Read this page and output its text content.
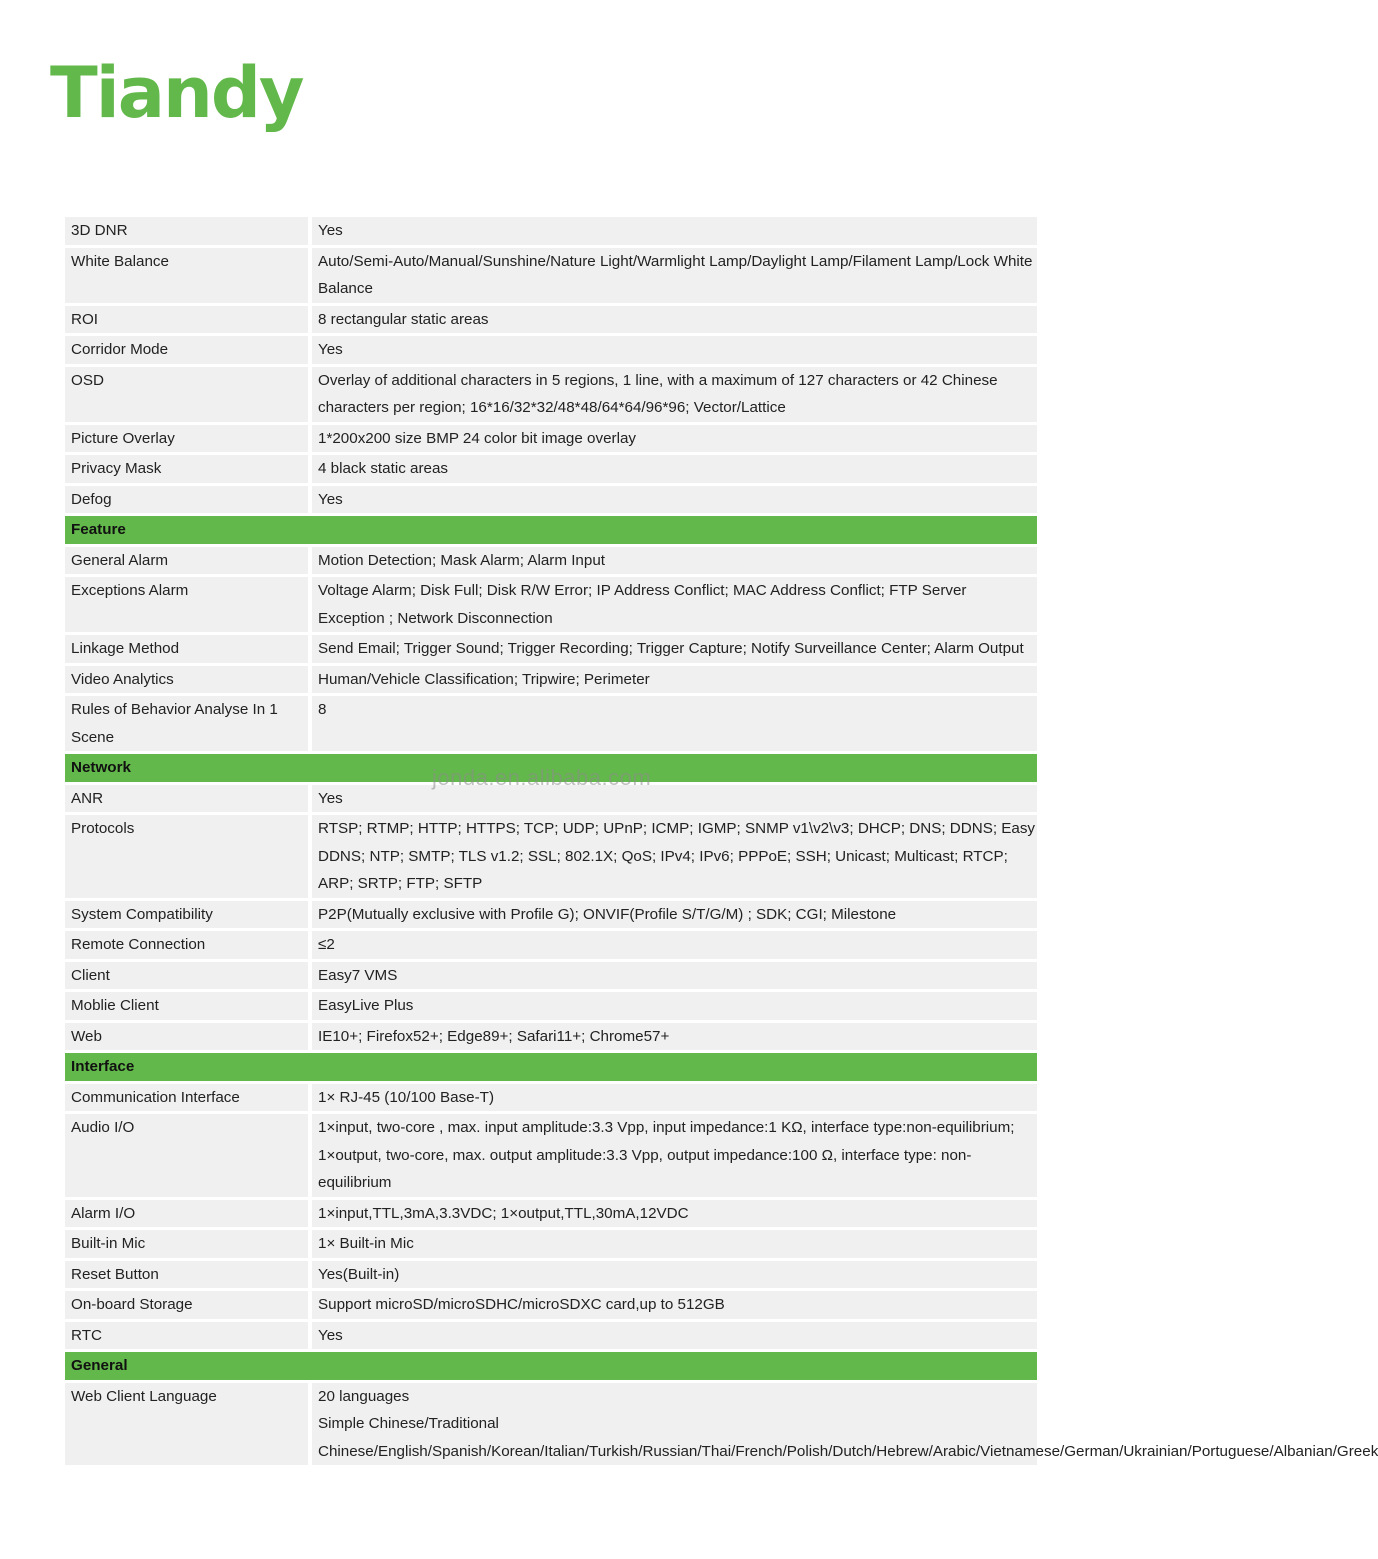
Tiandy
3D DNR	Yes
White Balance	Auto/Semi-Auto/Manual/Sunshine/Nature Light/Warmlight Lamp/Daylight Lamp/Filament Lamp/Lock White Balance
ROI	8 rectangular static areas
Corridor Mode	Yes
OSD	Overlay of additional characters in 5 regions, 1 line, with a maximum of 127 characters or 42 Chinese characters per region; 16*16/32*32/48*48/64*64/96*96; Vector/Lattice
Picture Overlay	1*200x200 size BMP 24 color bit image overlay
Privacy Mask	4 black static areas
Defog	Yes
Feature	
General Alarm	Motion Detection; Mask Alarm; Alarm Input
Exceptions Alarm	Voltage Alarm; Disk Full; Disk R/W Error; IP Address Conflict; MAC Address Conflict; FTP Server Exception ; Network Disconnection
Linkage Method	Send Email; Trigger Sound; Trigger Recording; Trigger Capture; Notify Surveillance Center; Alarm Output
Video Analytics	Human/Vehicle Classification; Tripwire; Perimeter
Rules of Behavior Analyse In 1 Scene	8
Network	
ANR	Yes
Protocols	RTSP; RTMP; HTTP; HTTPS; TCP; UDP; UPnP; ICMP; IGMP; SNMP v1\v2\v3; DHCP; DNS; DDNS; Easy DDNS; NTP; SMTP; TLS v1.2; SSL; 802.1X; QoS; IPv4; IPv6; PPPoE; SSH; Unicast; Multicast; RTCP; ARP; SRTP; FTP; SFTP
System Compatibility	P2P(Mutually exclusive with Profile G); ONVIF(Profile S/T/G/M) ; SDK; CGI; Milestone
Remote Connection	≤2
Client	Easy7 VMS
Moblie Client	EasyLive Plus
Web	IE10+; Firefox52+; Edge89+; Safari11+; Chrome57+
Interface	
Communication Interface	1× RJ-45 (10/100 Base-T)
Audio I/O	1×input, two-core , max. input amplitude:3.3 Vpp, input impedance:1 KΩ, interface type:non-equilibrium; 1×output, two-core, max. output amplitude:3.3 Vpp, output impedance:100 Ω, interface type: non-equilibrium
Alarm I/O	1×input,TTL,3mA,3.3VDC; 1×output,TTL,30mA,12VDC
Built-in Mic	1× Built-in Mic
Reset Button	Yes(Built-in)
On-board Storage	Support microSD/microSDHC/microSDXC card,up to 512GB
RTC	Yes
General	
Web Client Language	20 languages
Simple Chinese/Traditional Chinese/English/Spanish/Korean/Italian/Turkish/Russian/Thai/French/Polish/Dutch/Hebrew/Arabic/Vietnamese/German/Ukrainian/Portuguese/Albanian/Greek
jonda.en.alibaba.com
